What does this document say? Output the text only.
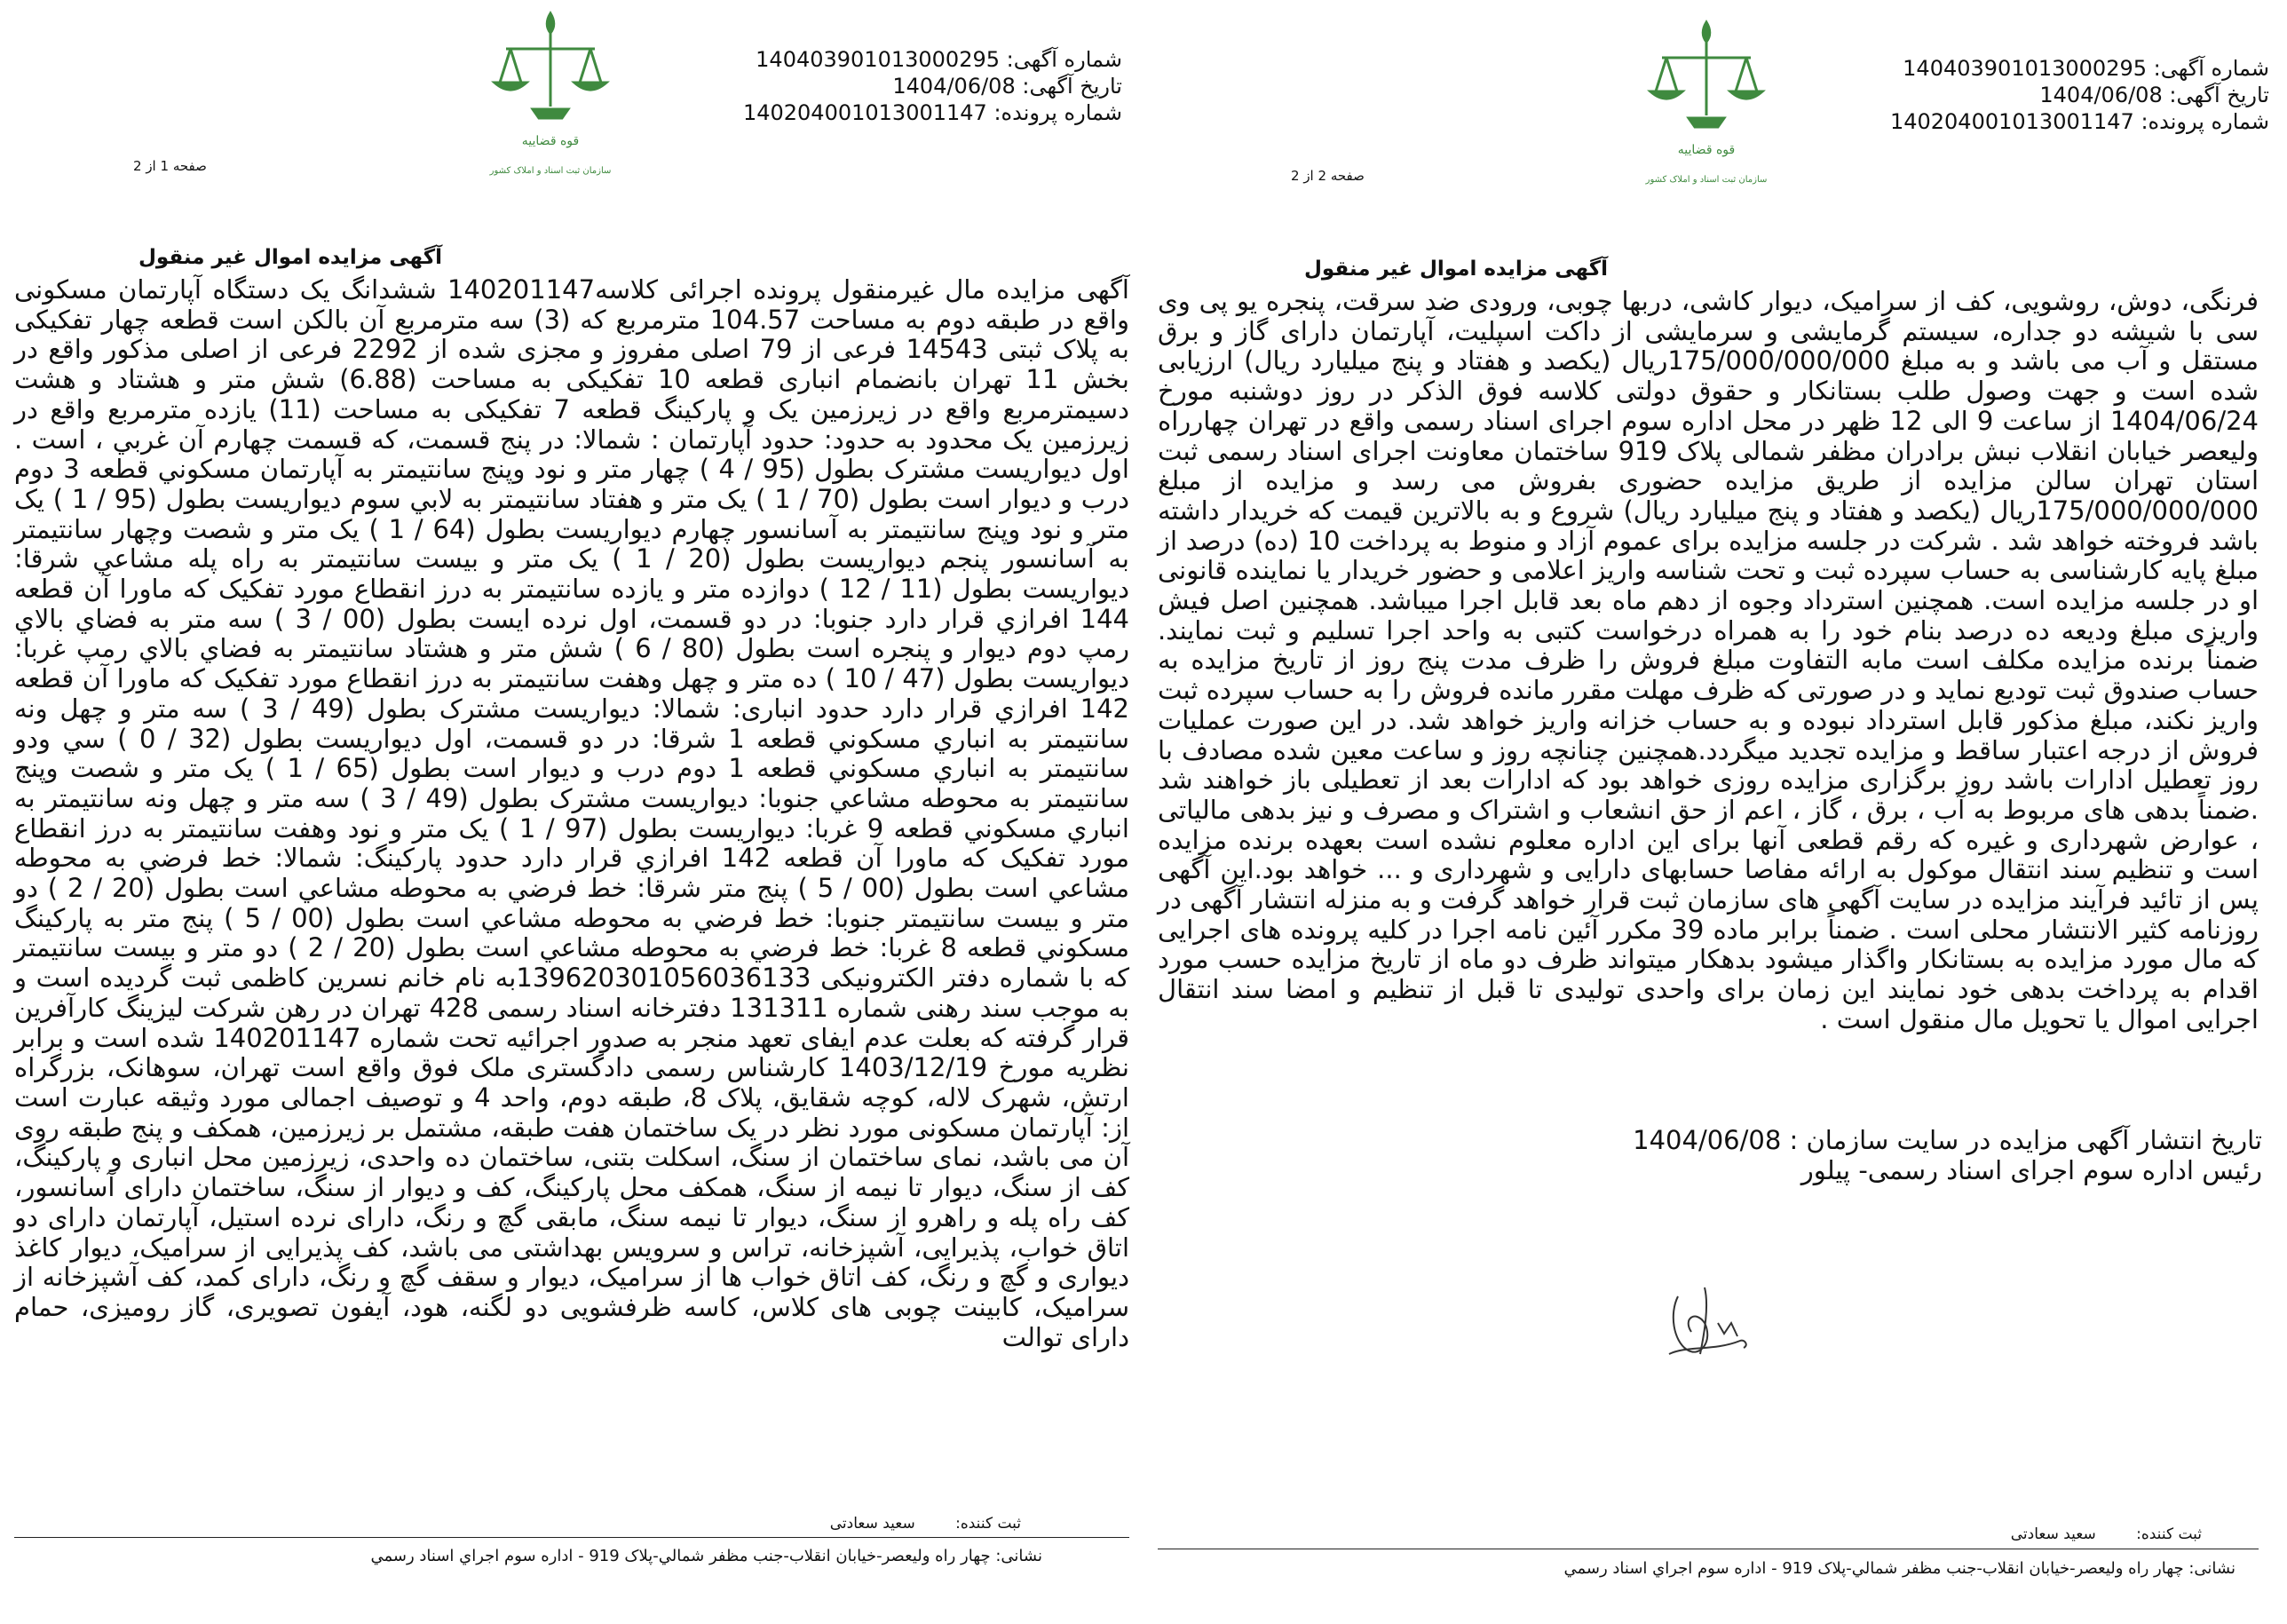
قوه قضاییه
سازمان ثبت اسناد و املاک کشور
شماره آگهی: 140403901013000295
تاریخ آگهی: 1404/06/08
شماره پرونده: 140204001013001147
صفحه 1 از 2
آگهی مزایده اموال غیر منقول

آگهی مزایده مال غیرمنقول پرونده اجرائی کلاسه140201147 ششدانگ یک دستگاه آپارتمان مسکونی واقع در طبقه دوم به مساحت 104.57 مترمربع که (3) سه مترمربع آن بالکن است قطعه چهار تفکیکی به پلاک ثبتی 14543 فرعی از 79 اصلی مفروز و مجزی شده از 2292 فرعی از اصلی مذکور واقع در بخش 11 تهران بانضمام انباری قطعه 10 تفکیکی به مساحت (6.88) شش متر و هشتاد و هشت دسیمترمربع واقع در زیرزمین یک و پارکینگ قطعه 7 تفکیکی به مساحت (11) یازده مترمربع واقع در زیرزمین یک محدود به حدود: حدود آپارتمان : شمالا: در پنج قسمت، که قسمت چهارم آن غربي ، است . اول ديواريست مشترک بطول (95 / 4 ) چهار متر و نود وپنج سانتيمتر به آپارتمان مسكوني قطعه 3 دوم درب و ديوار است بطول (70 / 1 ) يک متر و هفتاد سانتيمتر به لابي سوم ديواريست بطول (95 / 1 ) يک متر و نود وپنج سانتيمتر به آسانسور چهارم ديواريست بطول (64 / 1 ) يک متر و شصت وچهار سانتيمتر به آسانسور پنجم ديواريست بطول (20 / 1 ) يک متر و بيست سانتيمتر به راه پله مشاعي شرقا: ديواريست بطول (11 / 12 ) دوازده متر و يازده سانتيمتر به درز انقطاع مورد تفکيک که ماورا آن قطعه 144 افرازي قرار دارد جنوبا: در دو قسمت، اول نرده ايست بطول (00 / 3 ) سه متر به فضاي بالاي رمپ دوم ديوار و پنجره است بطول (80 / 6 ) شش متر و هشتاد سانتيمتر به فضاي بالاي رمپ غربا: ديواريست بطول (47 / 10 ) ده متر و چهل وهفت سانتيمتر به درز انقطاع مورد تفکيک که ماورا آن قطعه 142 افرازي قرار دارد حدود انباری: شمالا: ديواريست مشترک بطول (49 / 3 ) سه متر و چهل ونه سانتيمتر به انباري مسکوني قطعه 1 شرقا: در دو قسمت، اول ديواريست بطول (32 / 0 ) سي ودو سانتيمتر به انباري مسکوني قطعه 1 دوم درب و ديوار است بطول (65 / 1 ) يک متر و شصت وپنج سانتيمتر به محوطه مشاعي جنوبا: ديواريست مشترک بطول (49 / 3 ) سه متر و چهل ونه سانتيمتر به انباري مسکوني قطعه 9 غربا: ديواريست بطول (97 / 1 ) يک متر و نود وهفت سانتيمتر به درز انقطاع مورد تفکيک که ماورا آن قطعه 142 افرازي قرار دارد حدود پارکینگ: شمالا: خط فرضي به محوطه مشاعي است بطول (00 / 5 ) پنج متر شرقا: خط فرضي به محوطه مشاعي است بطول (20 / 2 ) دو متر و بيست سانتيمتر جنوبا: خط فرضي به محوطه مشاعي است بطول (00 / 5 ) پنج متر به پارکينگ مسکوني قطعه 8 غربا: خط فرضي به محوطه مشاعي است بطول (20 / 2 ) دو متر و بيست سانتيمتر که با شماره دفتر الکترونيکی 13962030105603613​3به نام خانم نسرین کاظمی ثبت گردیده است و به موجب سند رهنی شماره 131311 دفترخانه اسناد رسمی 428 تهران در رهن شرکت لیزینگ کارآفرین قرار گرفته که بعلت عدم ایفای تعهد منجر به صدور اجرائیه تحت شماره 140201147 شده است و برابر نظریه مورخ 1403/12/19 کارشناس رسمی دادگستری ملک فوق واقع است تهران، سوهانک، بزرگراه ارتش، شهرک لاله، کوچه شقایق، پلاک 8، طبقه دوم، واحد 4 و توصیف اجمالی مورد وثیقه عبارت است از: آپارتمان مسکونی مورد نظر در یک ساختمان هفت طبقه، مشتمل بر زیرزمین، همکف و پنج طبقه روی آن می باشد، نمای ساختمان از سنگ، اسکلت بتنی، ساختمان ده واحدی، زیرزمین محل انباری و پارکینگ، کف از سنگ، دیوار تا نیمه از سنگ، همکف محل پارکینگ، کف و دیوار از سنگ، ساختمان دارای آسانسور، کف راه پله و راهرو از سنگ، دیوار تا نیمه سنگ، مابقی گچ و رنگ، دارای نرده استیل، آپارتمان دارای دو اتاق خواب، پذیرایی، آشپزخانه، تراس و سرویس بهداشتی می باشد، کف پذیرایی از سرامیک، دیوار کاغذ دیواری و گچ و رنگ، کف اتاق خواب ها از سرامیک، دیوار و سقف گچ و رنگ، دارای کمد، کف آشپزخانه از سرامیک، کابینت چوبی های کلاس، کاسه ظرفشویی دو لگنه، هود، آیفون تصویری، گاز رومیزی، حمام دارای توالت

ثبت کننده: سعید سعادتی
نشانی: چهار راه وليعصر-خيابان انقلاب-جنب مظفر شمالي-پلاک 919 - اداره سوم اجراي اسناد رسمي
قوه قضاییه
سازمان ثبت اسناد و املاک کشور
شماره آگهی: 140403901013000295
تاریخ آگهی: 1404/06/08
شماره پرونده: 140204001013001147
صفحه 2 از 2
آگهی مزایده اموال غیر منقول

فرنگی، دوش، روشویی، کف از سرامیک، دیوار کاشی، دربها چوبی، ورودی ضد سرقت، پنجره یو پی وی سی با شیشه دو جداره، سیستم گرمایشی و سرمایشی از داکت اسپلیت، آپارتمان دارای گاز و برق مستقل و آب می باشد و به مبلغ 175/000/000/000ریال (یکصد و هفتاد و پنج میلیارد ریال) ارزیابی شده است و جهت وصول طلب بستانکار و حقوق دولتی کلاسه فوق الذکر در روز دوشنبه مورخ 1404/06/24 از ساعت 9 الی 12 ظهر در محل اداره سوم اجرای اسناد رسمی واقع در تهران چهارراه ولیعصر خیابان انقلاب نبش برادران مظفر شمالی پلاک 919 ساختمان معاونت اجرای اسناد رسمی ثبت استان تهران سالن مزایده از طریق مزایده حضوری بفروش می رسد و مزایده از مبلغ 175/000/000/000ریال (یکصد و هفتاد و پنج میلیارد ریال) شروع و به بالاترین قیمت که خریدار داشته باشد فروخته خواهد شد . شرکت در جلسه مزایده برای عموم آزاد و منوط به پرداخت 10 (ده) درصد از مبلغ پایه کارشناسی به حساب سپرده ثبت و تحت شناسه واریز اعلامی و حضور خریدار یا نماینده قانونی او در جلسه مزایده است. همچنین استرداد وجوه از دهم ماه بعد قابل اجرا میباشد. همچنین اصل فیش واریزی مبلغ ودیعه ده درصد بنام خود را به همراه درخواست کتبی به واحد اجرا تسلیم و ثبت نمایند. ضمناً برنده مزایده مکلف است مابه التفاوت مبلغ فروش را ظرف مدت پنج روز از تاریخ مزایده به حساب صندوق ثبت تودیع نماید و در صورتی که ظرف مهلت مقرر مانده فروش را به حساب سپرده ثبت واریز نکند، مبلغ مذکور قابل استرداد نبوده و به حساب خزانه واریز خواهد شد. در این صورت عملیات فروش از درجه اعتبار ساقط و مزایده تجدید میگردد.همچنین چنانچه روز و ساعت معین شده مصادف با روز تعطیل ادارات باشد روز برگزاری مزایده روزی خواهد بود که ادارات بعد از تعطیلی باز خواهند شد .ضمناً بدهی های مربوط به آب ، برق ، گاز ، اعم از حق انشعاب و اشتراک و مصرف و نیز بدهی مالیاتی ، عوارض شهرداری و غیره که رقم قطعی آنها برای این اداره معلوم نشده است بعهده برنده مزایده است و تنظیم سند انتقال موکول به ارائه مفاصا حسابهای دارایی و شهرداری و ... خواهد بود.این آگهی پس از تائید فرآیند مزایده در سایت آگهی های سازمان ثبت قرار خواهد گرفت و به منزله انتشار آگهی در روزنامه کثیر الانتشار محلی است . ضمناً برابر ماده 39 مکرر آئین نامه اجرا در کلیه پرونده های اجرایی که مال مورد مزایده به بستانکار واگذار میشود بدهکار میتواند ظرف دو ماه از تاریخ مزایده حسب مورد اقدام به پرداخت بدهی خود نمایند این زمان برای واحدی تولیدی تا قبل از تنظیم و امضا سند انتقال اجرایی اموال یا تحویل مال منقول است .

تاریخ انتشار آگهی مزایده در سایت سازمان : 1404/06/08
رئیس اداره سوم اجرای اسناد رسمی- پیلور
ثبت کننده: سعید سعادتی
نشانی: چهار راه وليعصر-خيابان انقلاب-جنب مظفر شمالي-پلاک 919 - اداره سوم اجراي اسناد رسمي
